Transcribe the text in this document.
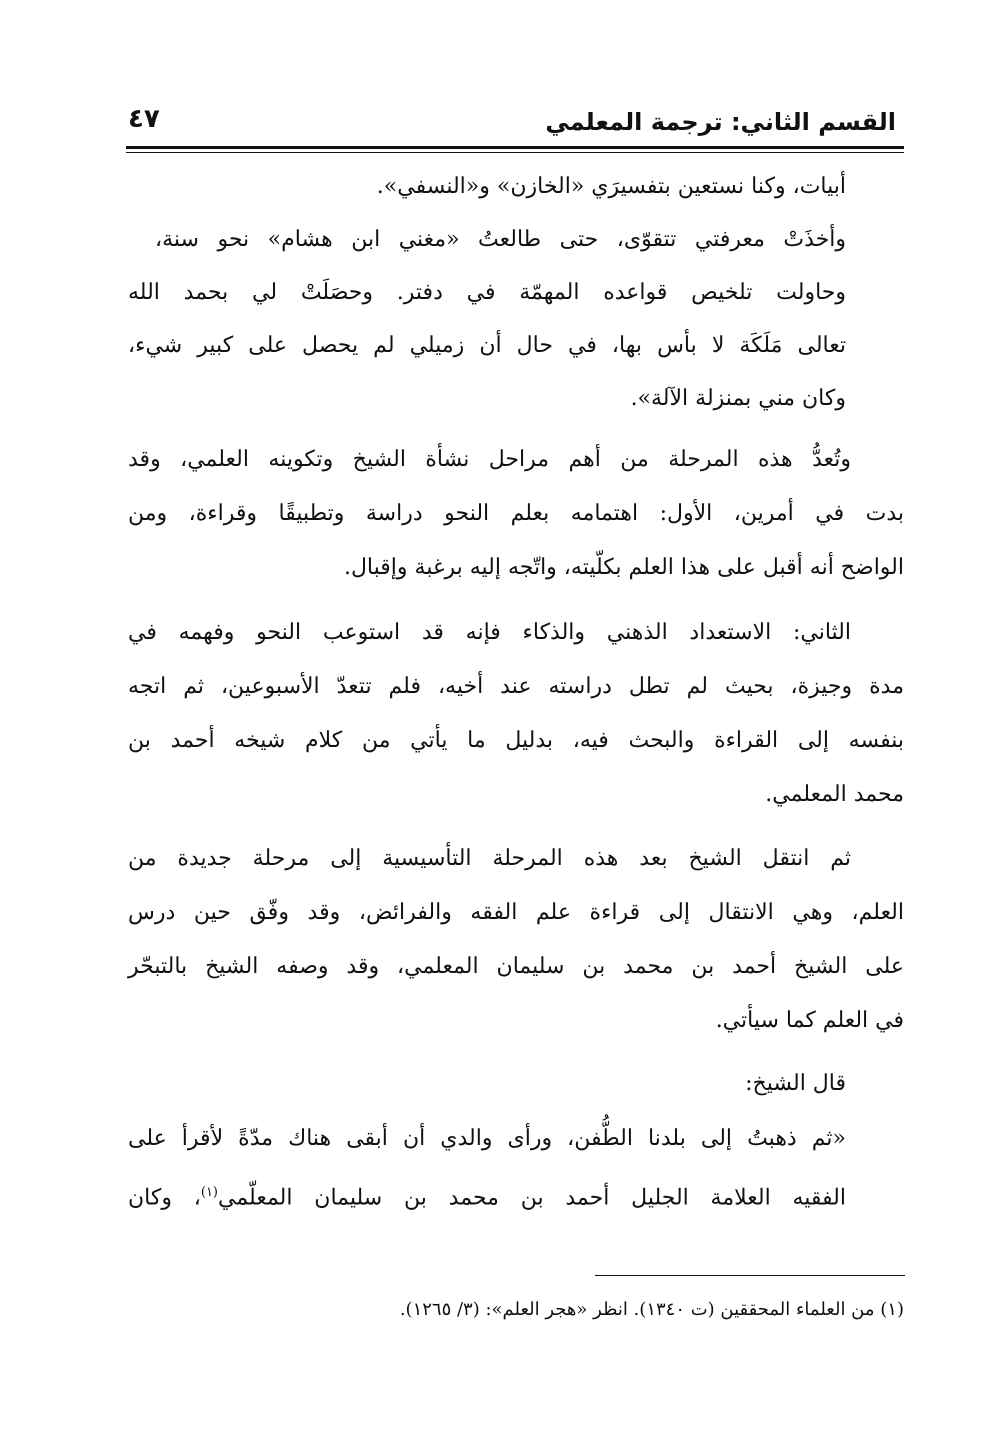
القسم الثاني: ترجمة المعلمي
٤٧
أبيات، وكنا نستعين بتفسيرَي «الخازن» و«النسفي».
وأخذَتْ معرفتي تتقوّى، حتى طالعتُ «مغني ابن هشام» نحو سنة،
وحاولت تلخيص قواعده المهمّة في دفتر. وحصَلَتْ لي بحمد الله
تعالى مَلَكَة لا بأس بها، في حال أن زميلي لم يحصل على كبير شيء،
وكان مني بمنزلة الآلة».
وتُعدُّ هذه المرحلة من أهم مراحل نشأة الشيخ وتكوينه العلمي، وقد
بدت في أمرين، الأول: اهتمامه بعلم النحو دراسة وتطبيقًا وقراءة، ومن
الواضح أنه أقبل على هذا العلم بكلّيته، واتّجه إليه برغبة وإقبال.
الثاني: الاستعداد الذهني والذكاء فإنه قد استوعب النحو وفهمه في
مدة وجيزة، بحيث لم تطل دراسته عند أخيه، فلم تتعدّ الأسبوعين، ثم اتجه
بنفسه إلى القراءة والبحث فيه، بدليل ما يأتي من كلام شيخه أحمد بن
محمد المعلمي.
ثم انتقل الشيخ بعد هذه المرحلة التأسيسية إلى مرحلة جديدة من
العلم، وهي الانتقال إلى قراءة علم الفقه والفرائض، وقد وفّق حين درس
على الشيخ أحمد بن محمد بن سليمان المعلمي، وقد وصفه الشيخ بالتبحّر
في العلم كما سيأتي.
قال الشيخ:
«ثم ذهبتُ إلى بلدنا الطُّفن، ورأى والدي أن أبقى هناك مدّةً لأقرأ على
الفقيه العلامة الجليل أحمد بن محمد بن سليمان المعلّمي$^{(١)}$، وكان
(١) من العلماء المحققين (ت ١٣٤٠). انظر «هجر العلم»: (٣/ ١٢٦٥).
